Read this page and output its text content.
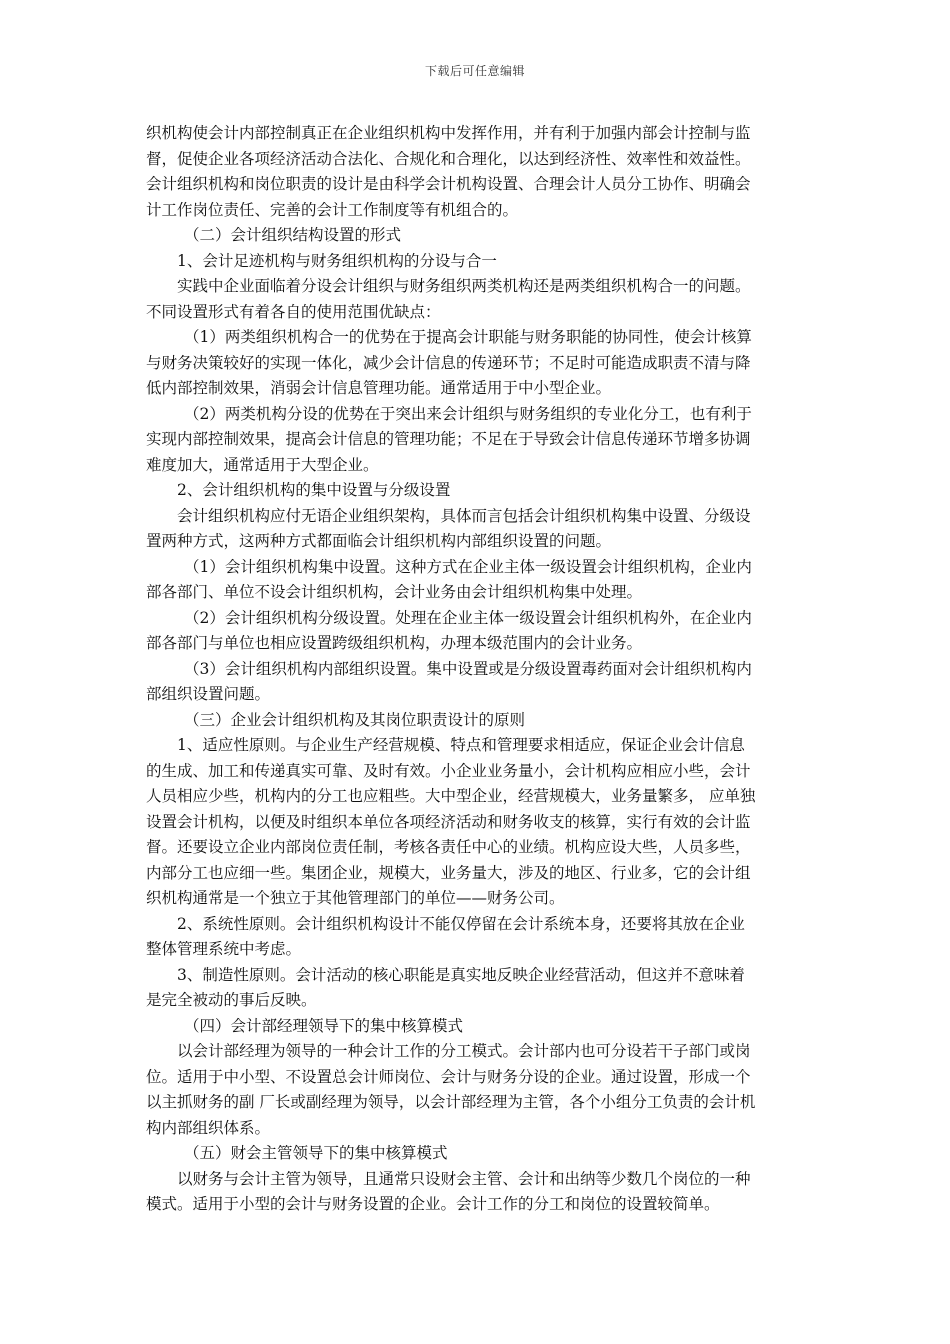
下载后可任意编辑
织机构使会计内部控制真正在企业组织机构中发挥作用，并有利于加强内部会计控制与监
督，促使企业各项经济活动合法化、合规化和合理化，以达到经济性、效率性和效益性。
会计组织机构和岗位职责的设计是由科学会计机构设置、合理会计人员分工协作、明确会
计工作岗位责任、完善的会计工作制度等有机组合的。
（二）会计组织结构设置的形式
1、会计足迹机构与财务组织机构的分设与合一
实践中企业面临着分设会计组织与财务组织两类机构还是两类组织机构合一的问题。
不同设置形式有着各自的使用范围优缺点：
（1）两类组织机构合一的优势在于提高会计职能与财务职能的协同性，使会计核算
与财务决策较好的实现一体化，减少会计信息的传递环节；不足时可能造成职责不清与降
低内部控制效果，消弱会计信息管理功能。通常适用于中小型企业。
（2）两类机构分设的优势在于突出来会计组织与财务组织的专业化分工，也有利于
实现内部控制效果，提高会计信息的管理功能；不足在于导致会计信息传递环节增多协调
难度加大，通常适用于大型企业。
2、会计组织机构的集中设置与分级设置
会计组织机构应付无语企业组织架构，具体而言包括会计组织机构集中设置、分级设
置两种方式，这两种方式都面临会计组织机构内部组织设置的问题。
（1）会计组织机构集中设置。这种方式在企业主体一级设置会计组织机构，企业内
部各部门、单位不设会计组织机构，会计业务由会计组织机构集中处理。
（2）会计组织机构分级设置。处理在企业主体一级设置会计组织机构外，在企业内
部各部门与单位也相应设置跨级组织机构，办理本级范围内的会计业务。
（3）会计组织机构内部组织设置。集中设置或是分级设置毒药面对会计组织机构内
部组织设置问题。
（三）企业会计组织机构及其岗位职责设计的原则
1、适应性原则。与企业生产经营规模、特点和管理要求相适应，保证企业会计信息
的生成、加工和传递真实可靠、及时有效。小企业业务量小，会计机构应相应小些，会计
人员相应少些，机构内的分工也应粗些。大中型企业，经营规模大，业务量繁多， 应单独
设置会计机构，以便及时组织本单位各项经济活动和财务收支的核算，实行有效的会计监
督。还要设立企业内部岗位责任制，考核各责任中心的业绩。机构应设大些，人员多些，
内部分工也应细一些。集团企业，规模大，业务量大，涉及的地区、行业多，它的会计组
织机构通常是一个独立于其他管理部门的单位——财务公司。
2、系统性原则。会计组织机构设计不能仅停留在会计系统本身，还要将其放在企业
整体管理系统中考虑。
3、制造性原则。会计活动的核心职能是真实地反映企业经营活动，但这并不意味着
是完全被动的事后反映。
（四）会计部经理领导下的集中核算模式
以会计部经理为领导的一种会计工作的分工模式。会计部内也可分设若干子部门或岗
位。适用于中小型、不设置总会计师岗位、会计与财务分设的企业。通过设置，形成一个
以主抓财务的副 厂长或副经理为领导，以会计部经理为主管，各个小组分工负责的会计机
构内部组织体系。
（五）财会主管领导下的集中核算模式
以财务与会计主管为领导，且通常只设财会主管、会计和出纳等少数几个岗位的一种
模式。适用于小型的会计与财务设置的企业。会计工作的分工和岗位的设置较简单。
